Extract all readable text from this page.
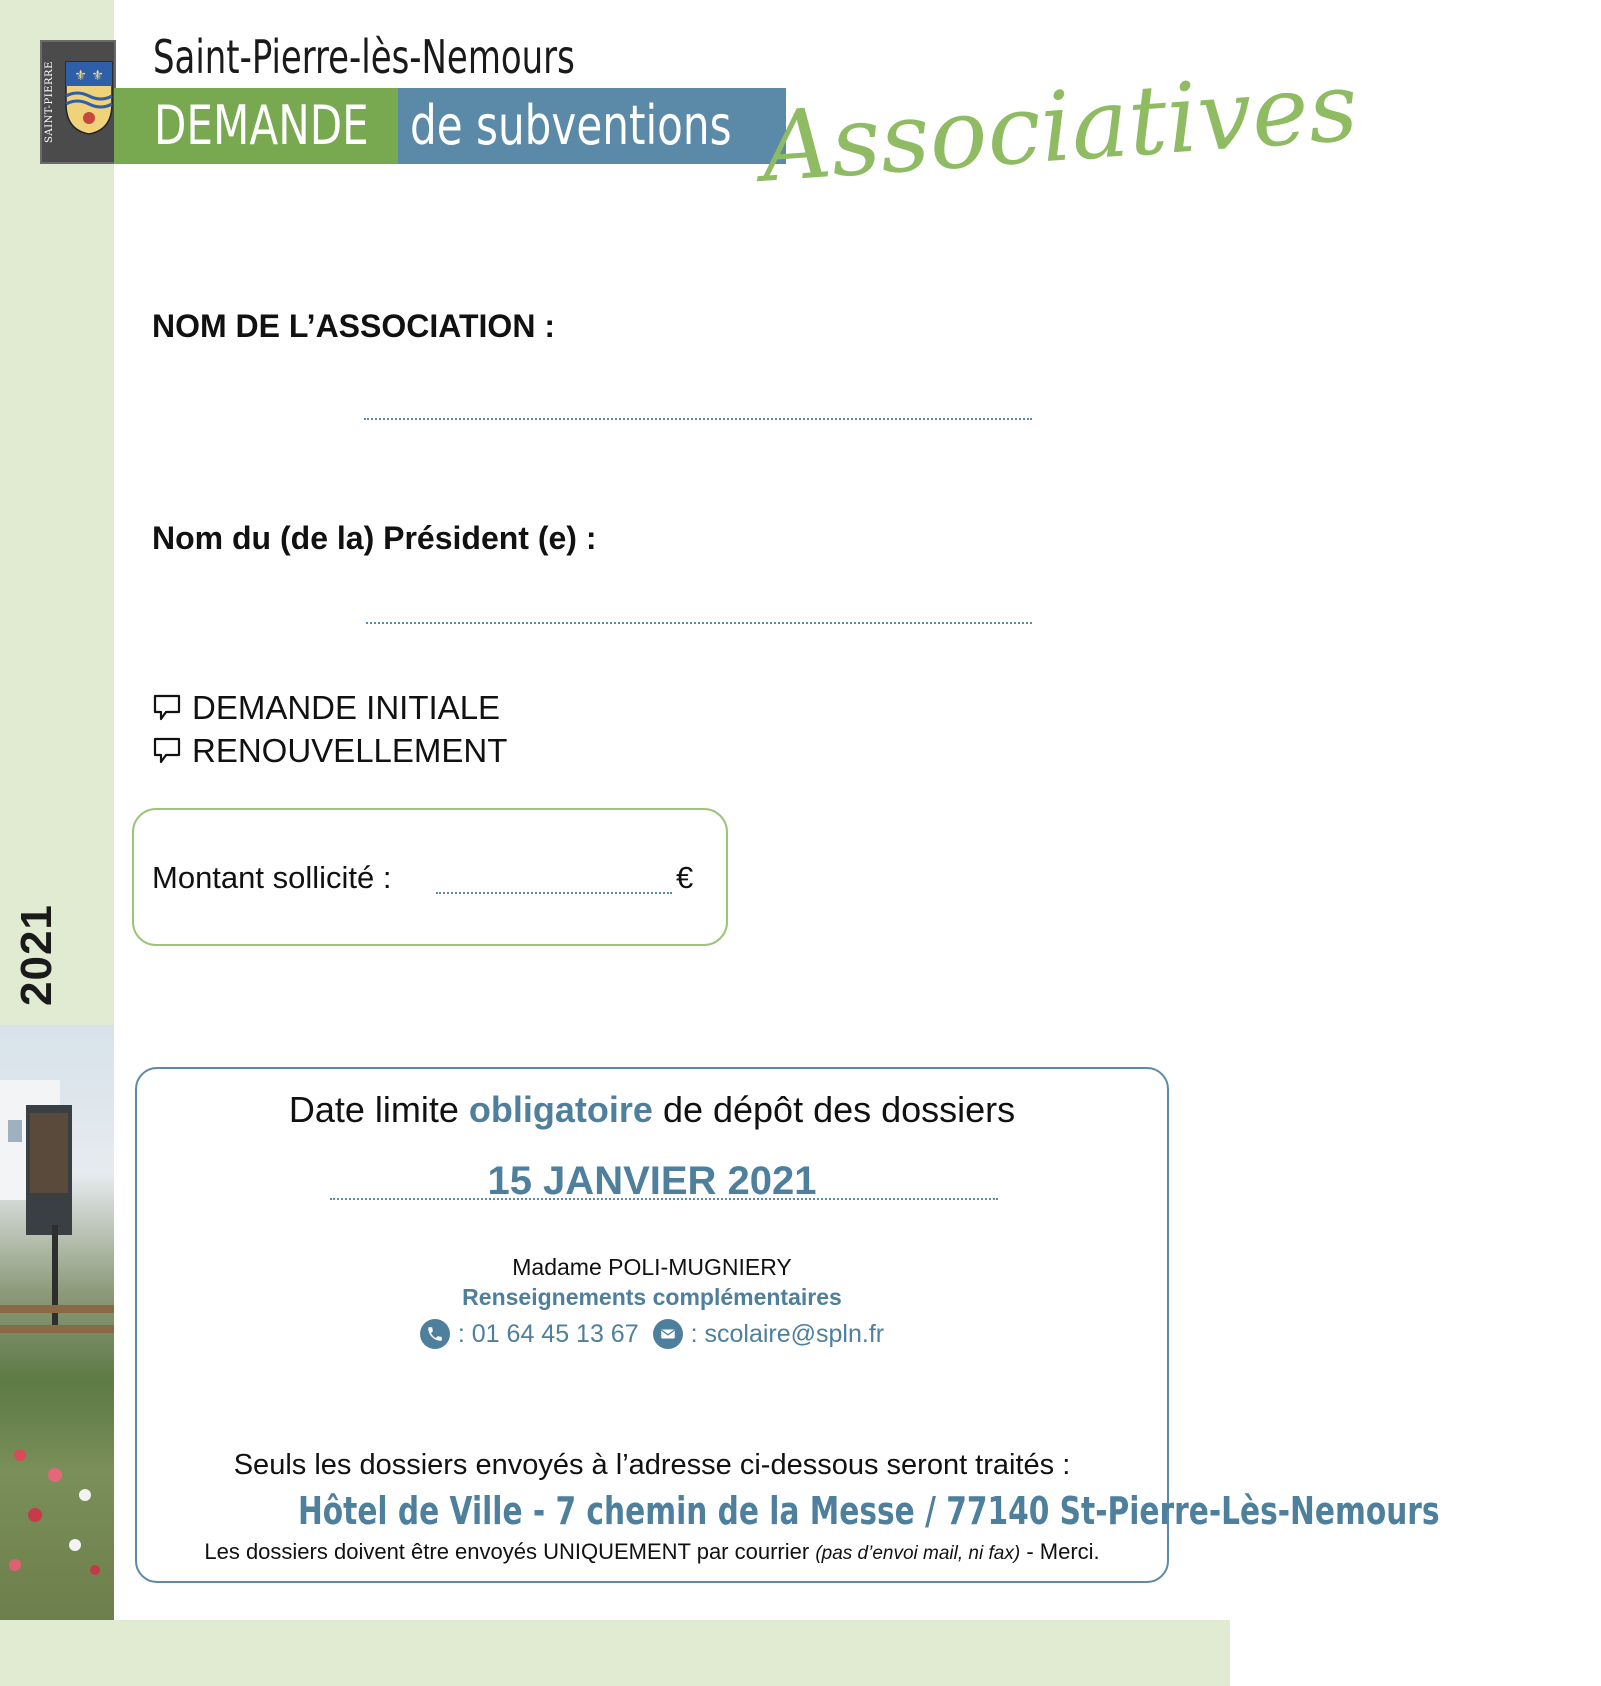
2021
SAINT-PIERRE	⚜ ⚜ Saint-Pierre-lès-Nemours
DEMANDE de subventions Associatives
NOM DE L’ASSOCIATION :
Nom du (de la) Président (e) :
DEMANDE INITIALE
RENOUVELLEMENT
Montant sollicité :	€
Date limite obligatoire de dépôt des dossiers
15 JANVIER 2021
Madame POLI-MUGNIERY
Renseignements complémentaires
: 01 64 45 13 67 : scolaire@spln.fr
Seuls les dossiers envoyés à l’adresse ci-dessous seront traités :
Hôtel de Ville - 7 chemin de la Messe / 77140 St-Pierre-Lès-Nemours
Les dossiers doivent être envoyés UNIQUEMENT par courrier (pas d’envoi mail, ni fax) - Merci.
